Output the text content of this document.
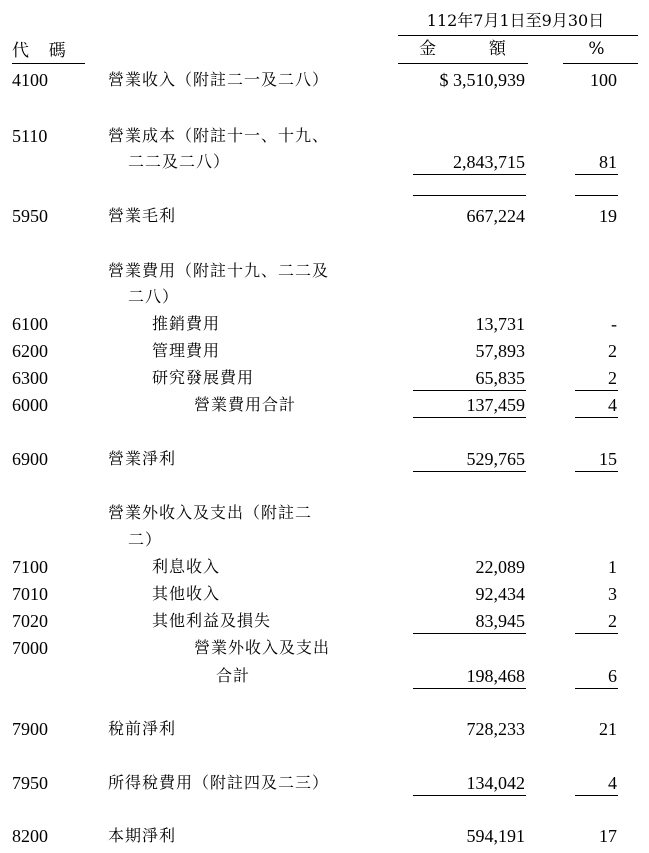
112年7月1日至9月30日
代  碼	金  額	%
4100	營業收入（附註二一及二八）	$ 3,510,939	100
5110	營業成本（附註十一、十九、
二二及二八）	2,843,715	81
5950	營業毛利	667,224	19
營業費用（附註十九、二二及
二八）
6100	推銷費用	13,731	-
6200	管理費用	57,893	2
6300	研究發展費用	65,835	2
6000	營業費用合計	137,459	4
6900	營業淨利	529,765	15
營業外收入及支出（附註二
二）
7100	利息收入	22,089	1
7010	其他收入	92,434	3
7020	其他利益及損失	83,945	2
7000	營業外收入及支出
合計	198,468	6
7900	稅前淨利	728,233	21
7950	所得稅費用（附註四及二三）	134,042	4
8200	本期淨利	594,191	17
